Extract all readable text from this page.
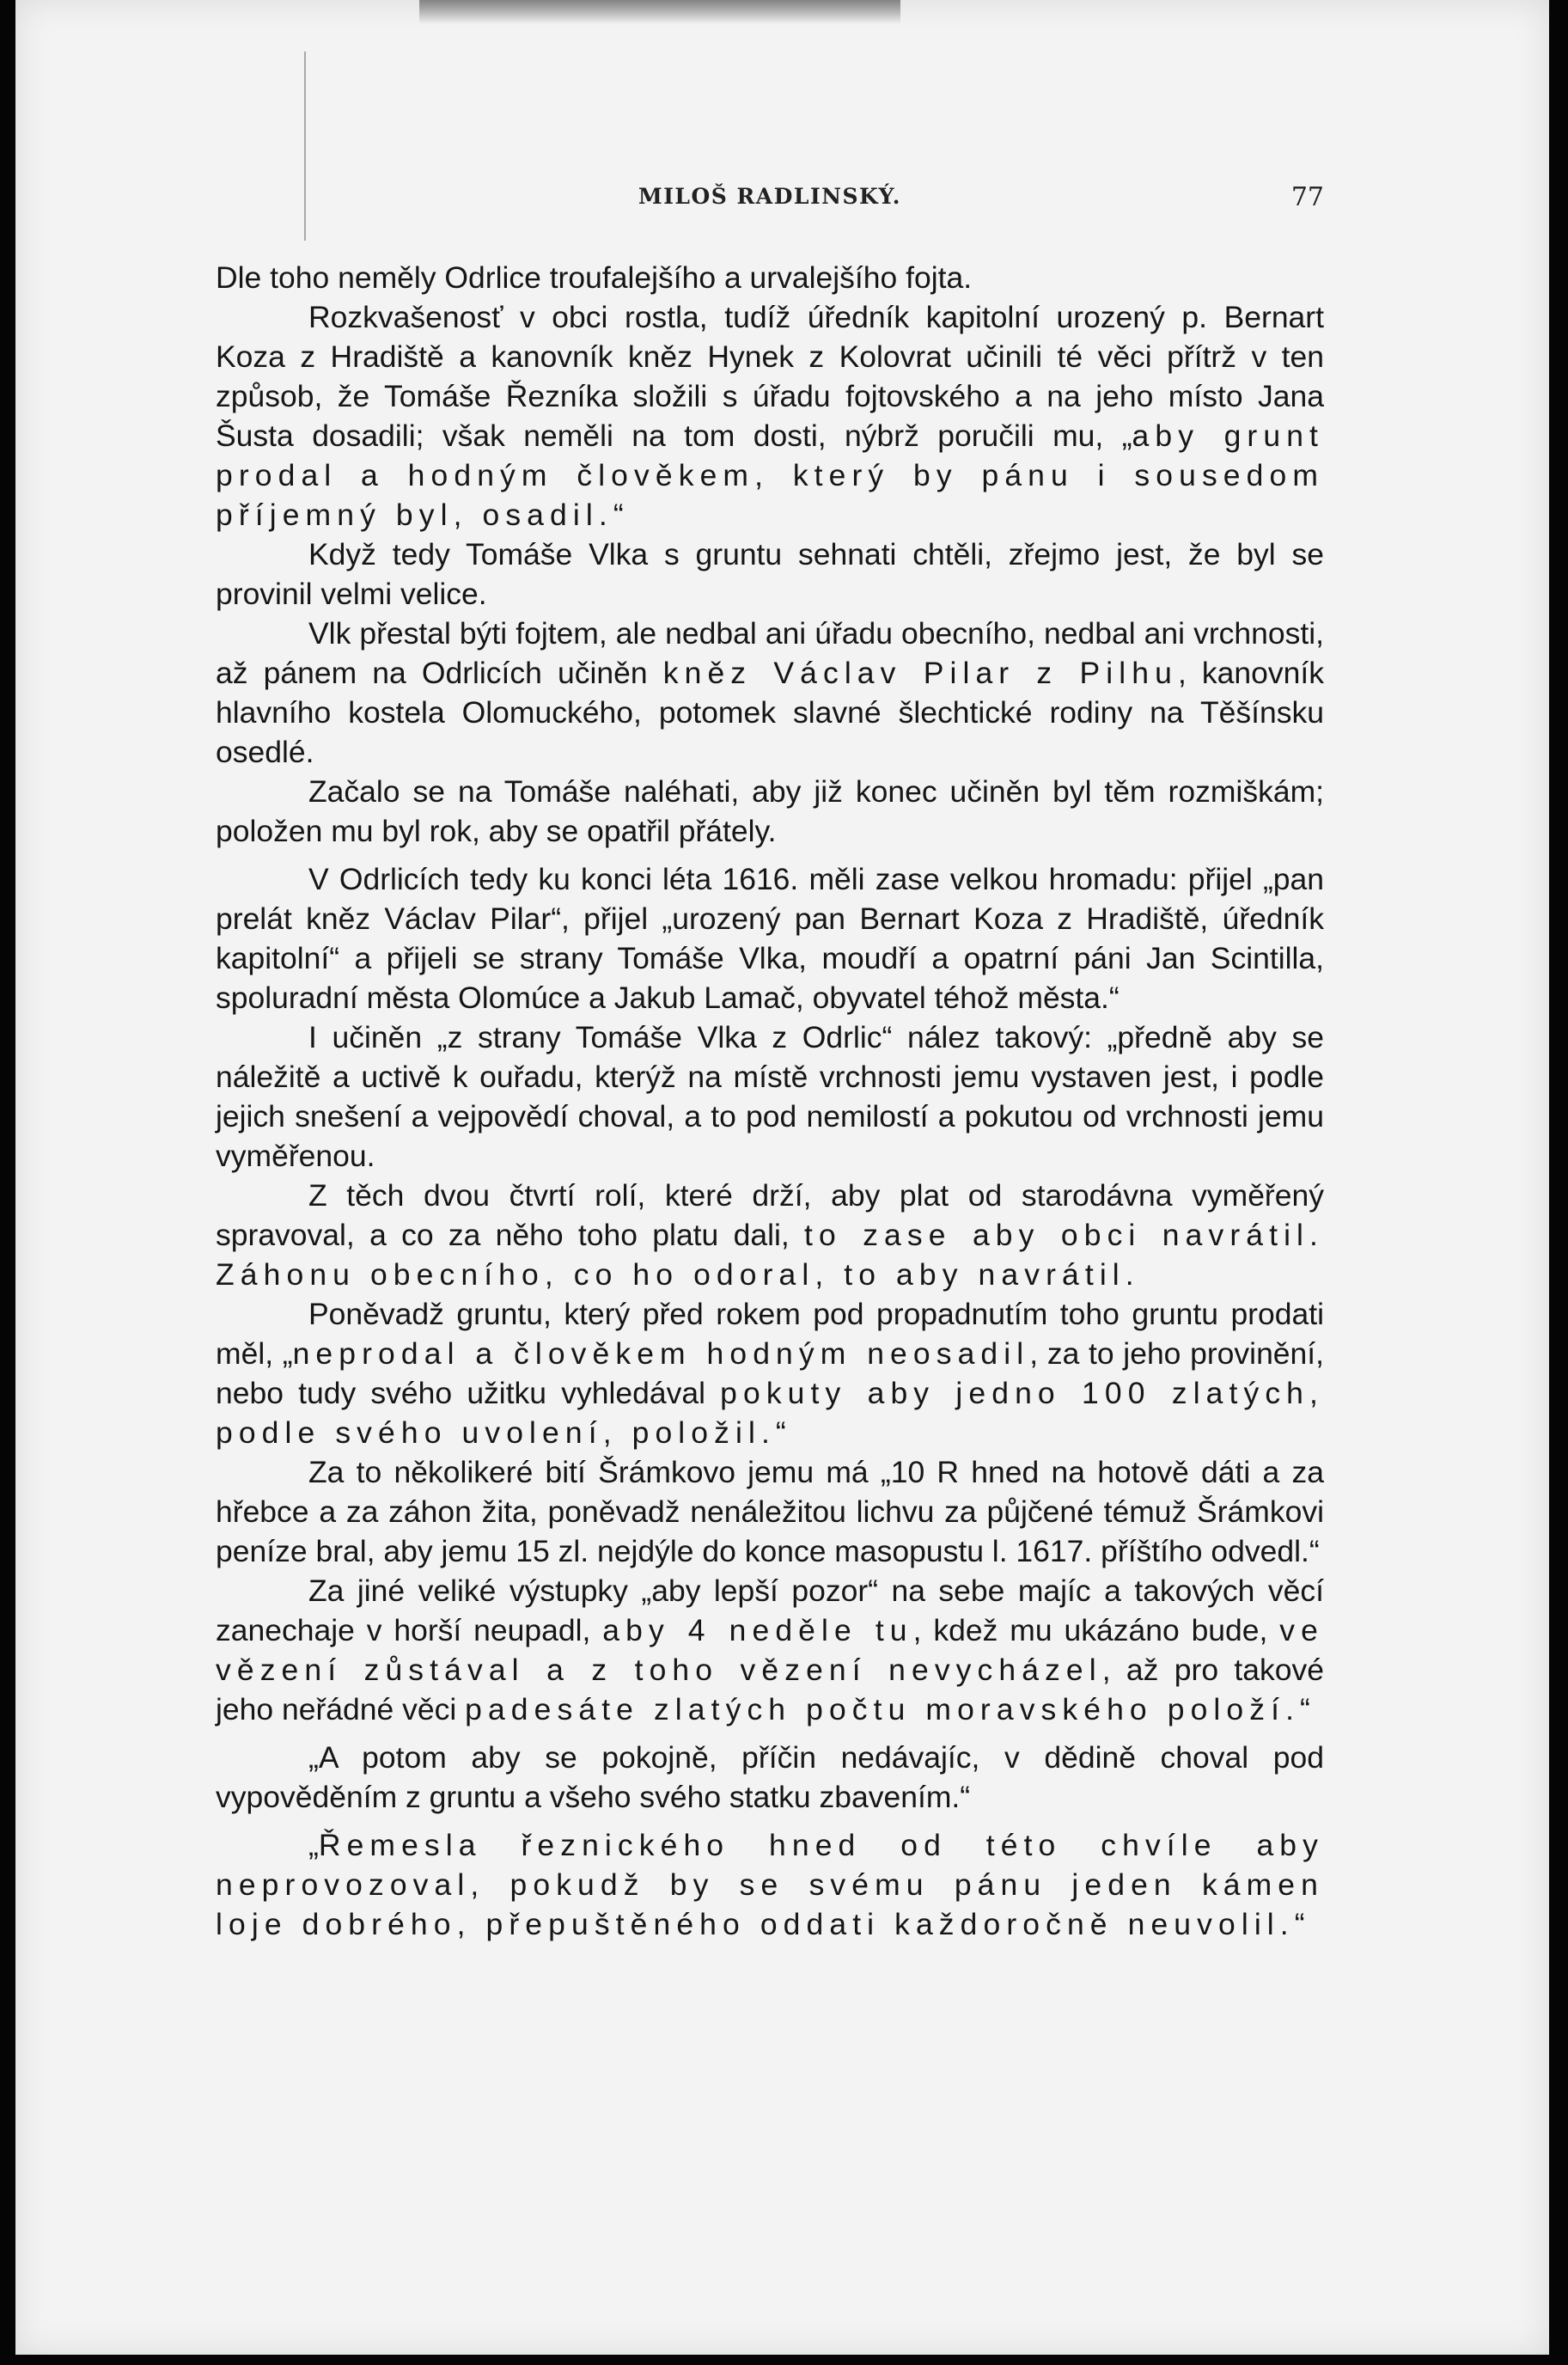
MILOŠ RADLINSKÝ.	77

Dle toho neměly Odrlice troufalejšího a urvalejšího fojta.

Rozkvašenosť v obci rostla, tudíž úředník kapitolní urozený p. Bernart Koza z Hradiště a kanovník kněz Hynek z Kolovrat učinili té věci přítrž v ten způsob, že Tomáše Řezníka složili s úřadu fojtovského a na jeho místo Jana Šusta dosadili; však neměli na tom dosti, nýbrž poručili mu, „aby grunt prodal a hodným člověkem, který by pánu i sousedom příjemný byl, osadil.“

Když tedy Tomáše Vlka s gruntu sehnati chtěli, zřejmo jest, že byl se provinil velmi velice.

Vlk přestal býti fojtem, ale nedbal ani úřadu obecního, nedbal ani vrchnosti, až pánem na Odrlicích učiněn kněz Václav Pilar z Pilhu, kanovník hlavního kostela Olomuckého, potomek slavné šlechtické rodiny na Těšínsku osedlé.

Začalo se na Tomáše naléhati, aby již konec učiněn byl těm rozmiškám; položen mu byl rok, aby se opatřil přátely.

V Odrlicích tedy ku konci léta 1616. měli zase velkou hromadu: přijel „pan prelát kněz Václav Pilar“, přijel „urozený pan Bernart Koza z Hradiště, úředník kapitolní“ a přijeli se strany Tomáše Vlka, moudří a opatrní páni Jan Scintilla, spoluradní města Olomúce a Jakub Lamač, obyvatel téhož města.“

I učiněn „z strany Tomáše Vlka z Odrlic“ nález takový: „předně aby se náležitě a uctivě k ouřadu, kterýž na místě vrchnosti jemu vystaven jest, i podle jejich snešení a vejpovědí choval, a to pod nemilostí a pokutou od vrchnosti jemu vyměřenou.

Z těch dvou čtvrtí rolí, které drží, aby plat od starodávna vyměřený spravoval, a co za něho toho platu dali, to zase aby obci navrátil. Záhonu obecního, co ho odoral, to aby navrátil.

Poněvadž gruntu, který před rokem pod propadnutím toho gruntu prodati měl, „neprodal a člověkem hodným neosadil, za to jeho provinění, nebo tudy svého užitku vyhledával pokuty aby jedno 100 zlatých, podle svého uvolení, položil.“

Za to několikeré bití Šrámkovo jemu má „10 R hned na hotově dáti a za hřebce a za záhon žita, poněvadž nenáležitou lichvu za půjčené témuž Šrámkovi peníze bral, aby jemu 15 zl. nejdýle do konce masopustu l. 1617. příštího odvedl.“

Za jiné veliké výstupky „aby lepší pozor“ na sebe majíc a takových věcí zanechaje v horší neupadl, aby 4 neděle tu, kdež mu ukázáno bude, ve vězení zůstával a z toho vězení nevycházel, až pro takové jeho neřádné věci padesáte zlatých počtu moravského položí.“

„A potom aby se pokojně, příčin nedávajíc, v dědině choval pod vypověděním z gruntu a všeho svého statku zbavením.“

„Řemesla řeznického hned od této chvíle aby neprovozoval, pokudž by se svému pánu jeden kámen loje dobrého, přepuštěného oddati každoročně neuvolil.“
